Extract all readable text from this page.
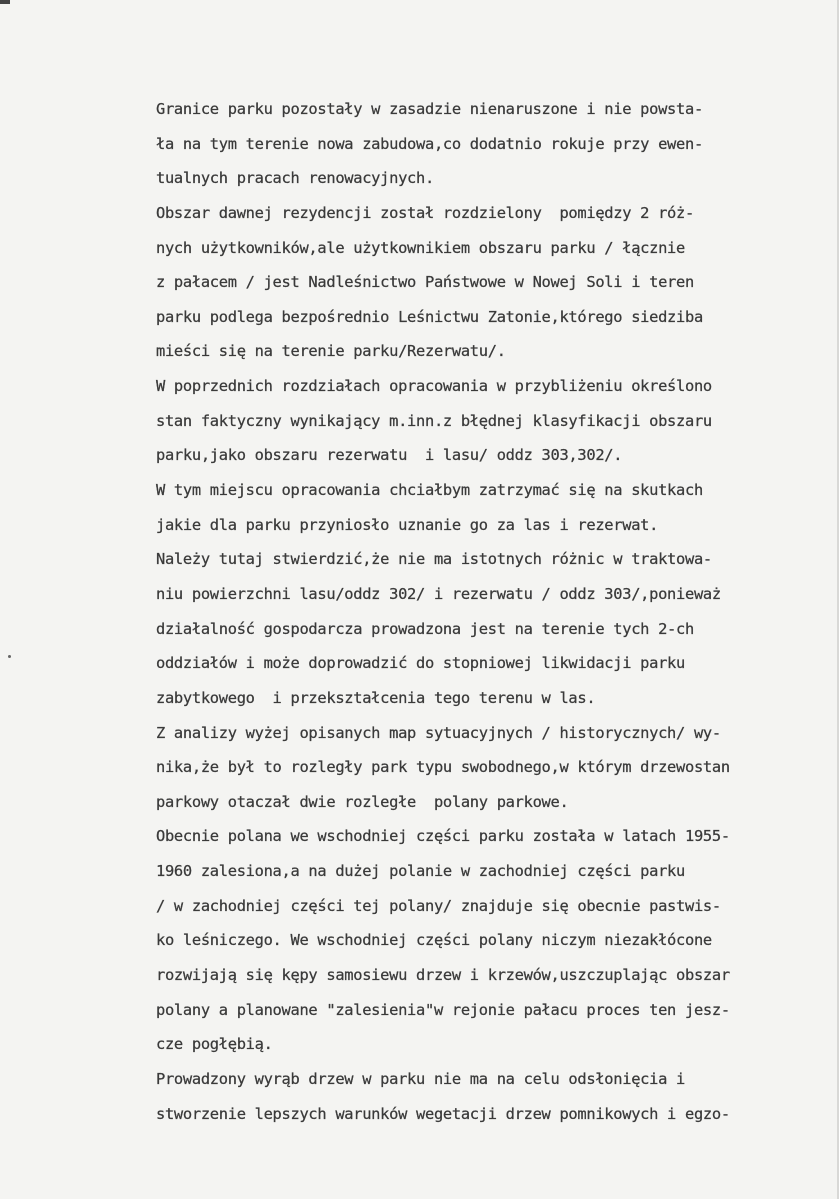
Granice parku pozostały w zasadzie nienaruszone i nie powsta-
ła na tym terenie nowa zabudowa,co dodatnio rokuje przy ewen-
tualnych pracach renowacyjnych.
Obszar dawnej rezydencji został rozdzielony  pomiędzy 2 róż-
nych użytkowników,ale użytkownikiem obszaru parku / łącznie
z pałacem / jest Nadleśnictwo Państwowe w Nowej Soli i teren
parku podlega bezpośrednio Leśnictwu Zatonie,którego siedziba
mieści się na terenie parku/Rezerwatu/.
W poprzednich rozdziałach opracowania w przybliżeniu określono
stan faktyczny wynikający m.inn.z błędnej klasyfikacji obszaru
parku,jako obszaru rezerwatu  i lasu/ oddz 303,302/.
W tym miejscu opracowania chciałbym zatrzymać się na skutkach
jakie dla parku przyniosło uznanie go za las i rezerwat.
Należy tutaj stwierdzić,że nie ma istotnych różnic w traktowa-
niu powierzchni lasu/oddz 302/ i rezerwatu / oddz 303/,ponieważ
działalność gospodarcza prowadzona jest na terenie tych 2-ch
oddziałów i może doprowadzić do stopniowej likwidacji parku
zabytkowego  i przekształcenia tego terenu w las.
Z analizy wyżej opisanych map sytuacyjnych / historycznych/ wy-
nika,że był to rozległy park typu swobodnego,w którym drzewostan
parkowy otaczał dwie rozległe  polany parkowe.
Obecnie polana we wschodniej części parku została w latach 1955-
1960 zalesiona,a na dużej polanie w zachodniej części parku
/ w zachodniej części tej polany/ znajduje się obecnie pastwis-
ko leśniczego. We wschodniej części polany niczym niezakłócone
rozwijają się kępy samosiewu drzew i krzewów,uszczuplając obszar
polany a planowane "zalesienia"w rejonie pałacu proces ten jesz-
cze pogłębią.
Prowadzony wyrąb drzew w parku nie ma na celu odsłonięcia i
stworzenie lepszych warunków wegetacji drzew pomnikowych i egzo-
